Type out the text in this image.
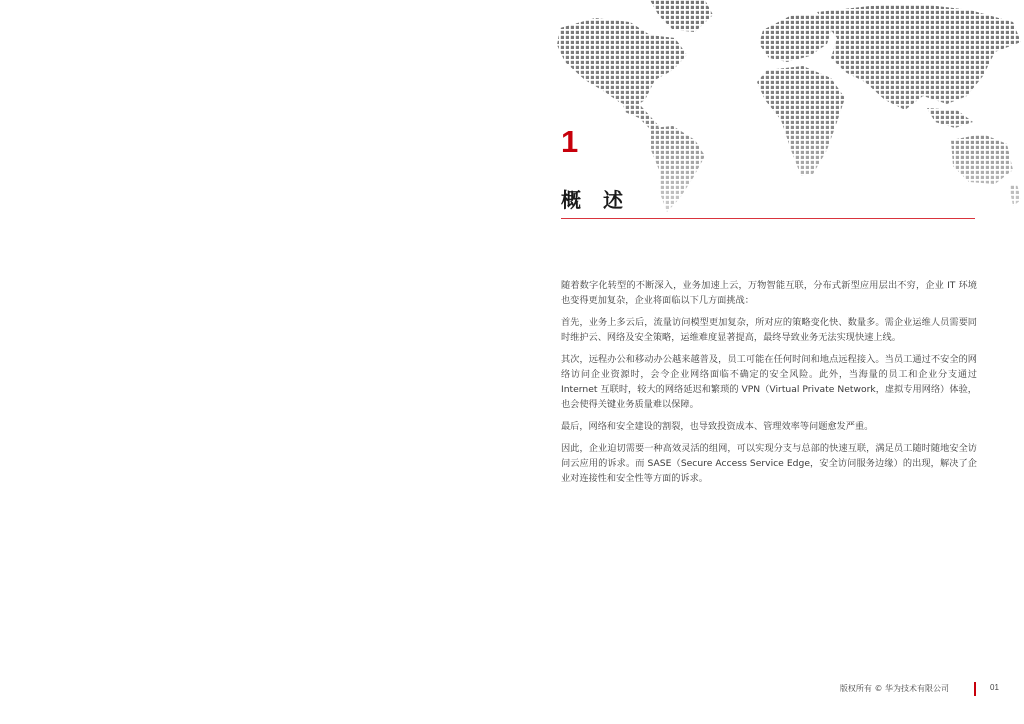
1
概述

随着数字化转型的不断深入，业务加速上云，万物智能互联，分布式新型应用层出不穷，企业 IT 环境也变得更加复杂，企业将面临以下几方面挑战：

首先，业务上多云后，流量访问模型更加复杂，所对应的策略变化快、数量多。需企业运维人员需要同时维护云、网络及安全策略，运维难度显著提高，最终导致业务无法实现快速上线。

其次，远程办公和移动办公越来越普及，员工可能在任何时间和地点远程接入。当员工通过不安全的网络访问企业资源时，会令企业网络面临不确定的安全风险。此外，当海量的员工和企业分支通过 Internet 互联时，较大的网络延迟和繁琐的 VPN（Virtual Private Network，虚拟专用网络）体验，也会使得关键业务质量难以保障。

最后，网络和安全建设的割裂，也导致投资成本、管理效率等问题愈发严重。

因此，企业迫切需要一种高效灵活的组网，可以实现分支与总部的快速互联，满足员工随时随地安全访问云应用的诉求。而 SASE（Secure Access Service Edge，安全访问服务边缘）的出现，解决了企业对连接性和安全性等方面的诉求。

版权所有 © 华为技术有限公司	01
